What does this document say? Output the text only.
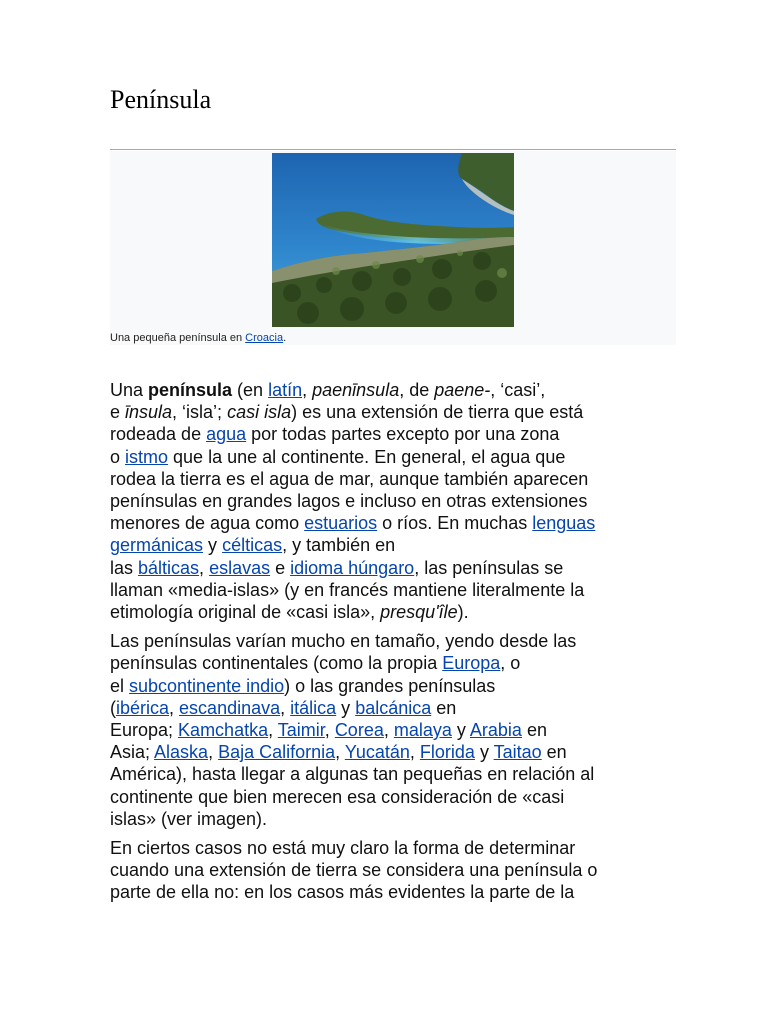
Península
Una pequeña península en Croacia.

Una península (en latín, paenīnsula, de paene-, ‘casi’,
e īnsula, ‘isla’; casi isla) es una extensión de tierra que está
rodeada de agua por todas partes excepto por una zona
o istmo que la une al continente. En general, el agua que
rodea la tierra es el agua de mar, aunque también aparecen
penínsulas en grandes lagos e incluso en otras extensiones
menores de agua como estuarios o ríos. En muchas lenguas
germánicas y célticas, y también en
las bálticas, eslavas e idioma húngaro, las penínsulas se
llaman «media-islas» (y en francés mantiene literalmente la
etimología original de «casi isla», presqu'île).

Las penínsulas varían mucho en tamaño, yendo desde las
penínsulas continentales (como la propia Europa, o
el subcontinente indio) o las grandes penínsulas
(ibérica, escandinava, itálica y balcánica en
Europa; Kamchatka, Taimir, Corea, malaya y Arabia en
Asia; Alaska, Baja California, Yucatán, Florida y Taitao en
América), hasta llegar a algunas tan pequeñas en relación al
continente que bien merecen esa consideración de «casi
islas» (ver imagen).

En ciertos casos no está muy claro la forma de determinar
cuando una extensión de tierra se considera una península o
parte de ella no: en los casos más evidentes la parte de la
